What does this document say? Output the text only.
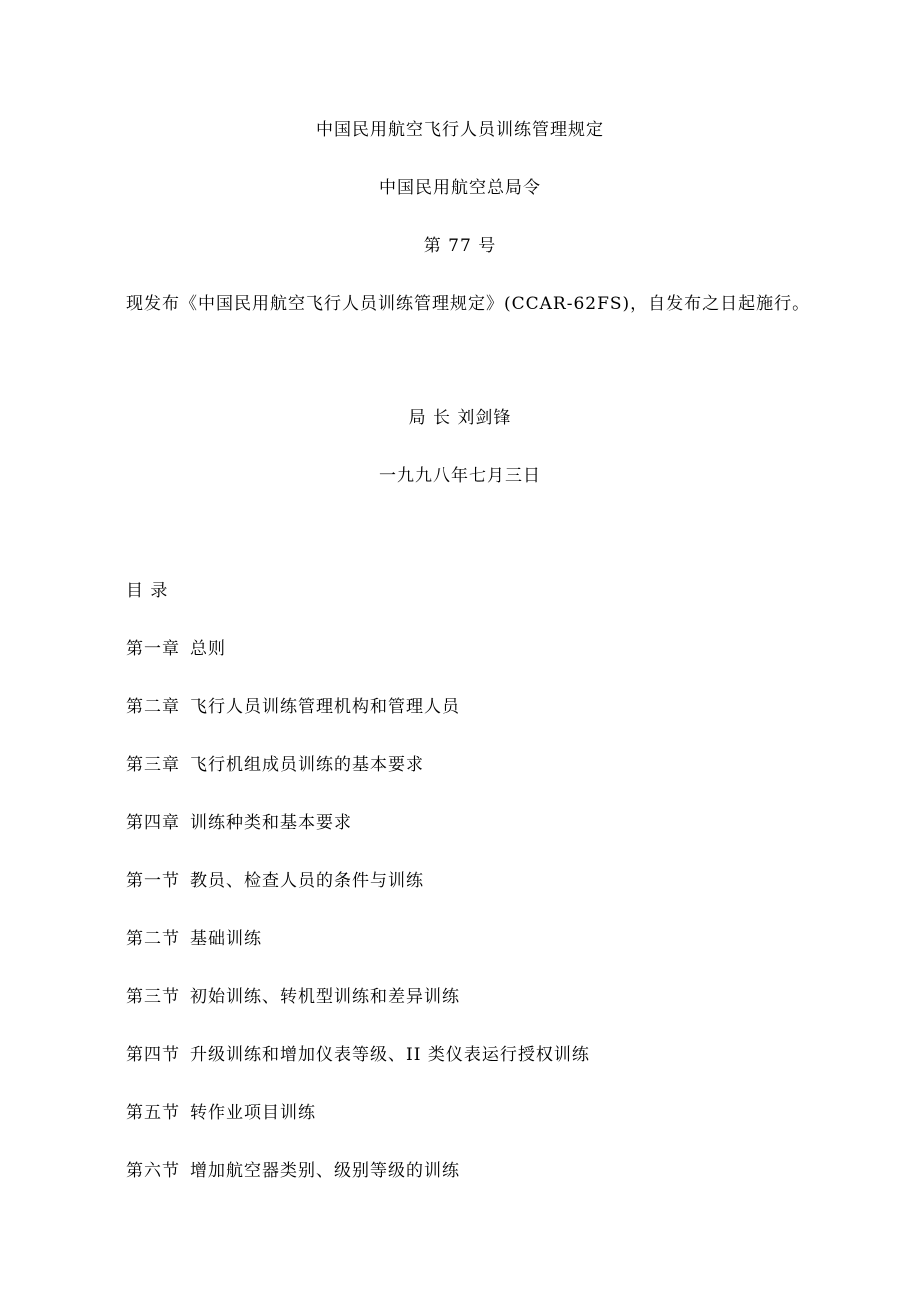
中国民用航空飞行人员训练管理规定
中国民用航空总局令
第 77 号
现发布《中国民用航空飞行人员训练管理规定》(CCAR-62FS)，自发布之日起施行。
局 长 刘剑锋
一九九八年七月三日
目 录
第一章 总则
第二章 飞行人员训练管理机构和管理人员
第三章 飞行机组成员训练的基本要求
第四章 训练种类和基本要求
第一节 教员、检查人员的条件与训练
第二节 基础训练
第三节 初始训练、转机型训练和差异训练
第四节 升级训练和增加仪表等级、II 类仪表运行授权训练
第五节 转作业项目训练
第六节 增加航空器类别、级别等级的训练
